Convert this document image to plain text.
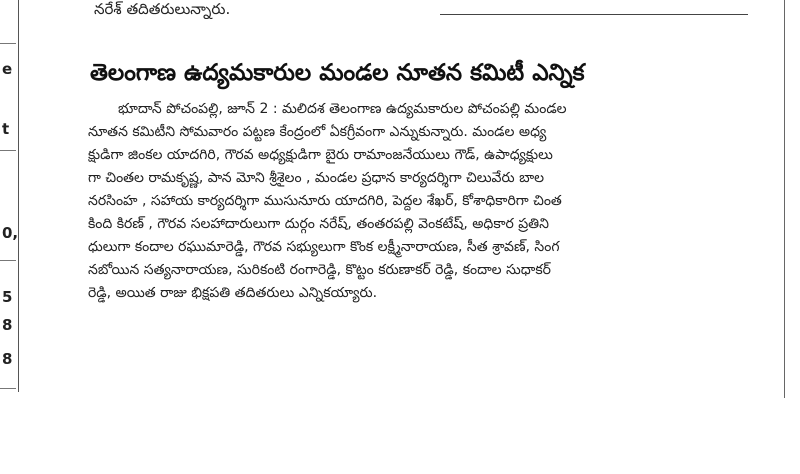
e
t
0,
5
8
8
నరేశ్ తదితరులున్నారు.
తెలంగాణ ఉద్యమకారుల మండల నూతన కమిటీ ఎన్నిక
భూదాన్ పోచంపల్లి, జూన్ 2 : మలిదశ తెలంగాణ ఉద్యమకారుల పోచంపల్లి మండల
నూతన కమిటీని సోమవారం పట్టణ కేంద్రంలో ఏకగ్రీవంగా ఎన్నుకున్నారు. మండల అధ్య
క్షుడిగా జింకల యాదగిరి, గౌరవ అధ్యక్షుడిగా బైరు రామాంజనేయులు గౌడ్, ఉపాధ్యక్షులు
గా చింతల రామకృష్ణ, పాన మోని శ్రీశైలం , మండల ప్రధాన కార్యదర్శిగా చిలువేరు బాల
నరసింహ , సహాయ కార్యదర్శిగా ముసునూరు యాదగిరి, పెద్దల శేఖర్, కోశాధికారిగా చింత
కింది కిరణ్ , గౌరవ సలహాదారులుగా దుర్గం నరేష్, తంతరపల్లి వెంకటేష్, అధికార ప్రతిని
ధులుగా కందాల రఘుమారెడ్డి, గౌరవ సభ్యులుగా కొంక లక్ష్మీనారాయణ, సీత శ్రావణ్, సింగ
నబోయిన సత్యనారాయణ, సురికంటి రంగారెడ్డి, కొట్టం కరుణాకర్ రెడ్డి, కందాల సుధాకర్
రెడ్డి, అయిత రాజు భిక్షపతి తదితరులు ఎన్నికయ్యారు.
